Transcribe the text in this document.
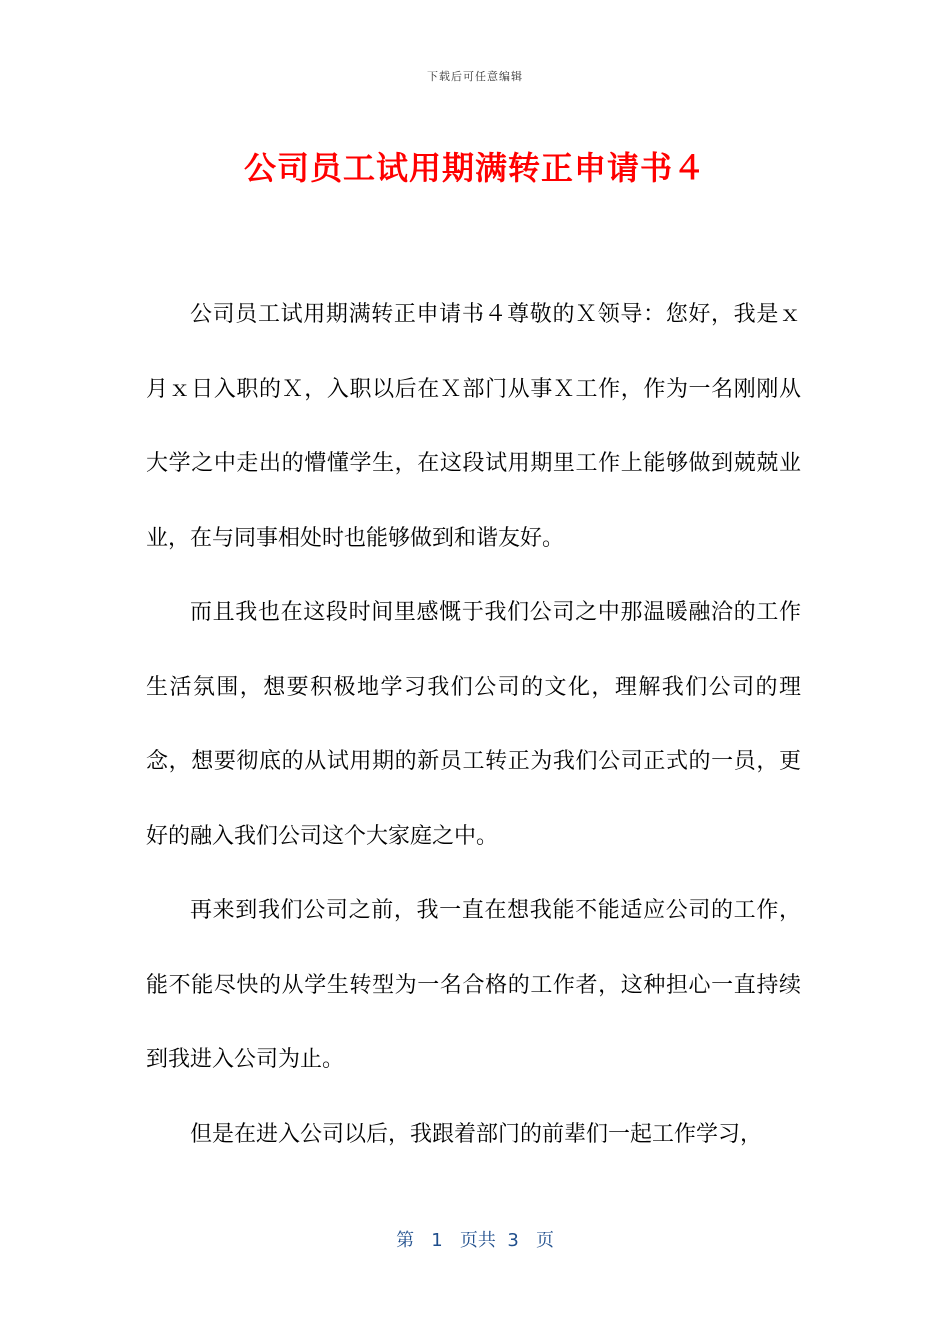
下载后可任意编辑
公司员工试用期满转正申请书４

公司员工试用期满转正申请书４尊敬的Ｘ领导：您好，我是ｘ月ｘ日入职的Ｘ，入职以后在Ｘ部门从事Ｘ工作，作为一名刚刚从大学之中走出的懵懂学生，在这段试用期里工作上能够做到兢兢业业，在与同事相处时也能够做到和谐友好。

而且我也在这段时间里感慨于我们公司之中那温暖融洽的工作生活氛围，想要积极地学习我们公司的文化，理解我们公司的理念，想要彻底的从试用期的新员工转正为我们公司正式的一员，更好的融入我们公司这个大家庭之中。

再来到我们公司之前，我一直在想我能不能适应公司的工作，能不能尽快的从学生转型为一名合格的工作者，这种担心一直持续到我进入公司为止。

但是在进入公司以后，我跟着部门的前辈们一起工作学习，

第 1 页共 3 页
